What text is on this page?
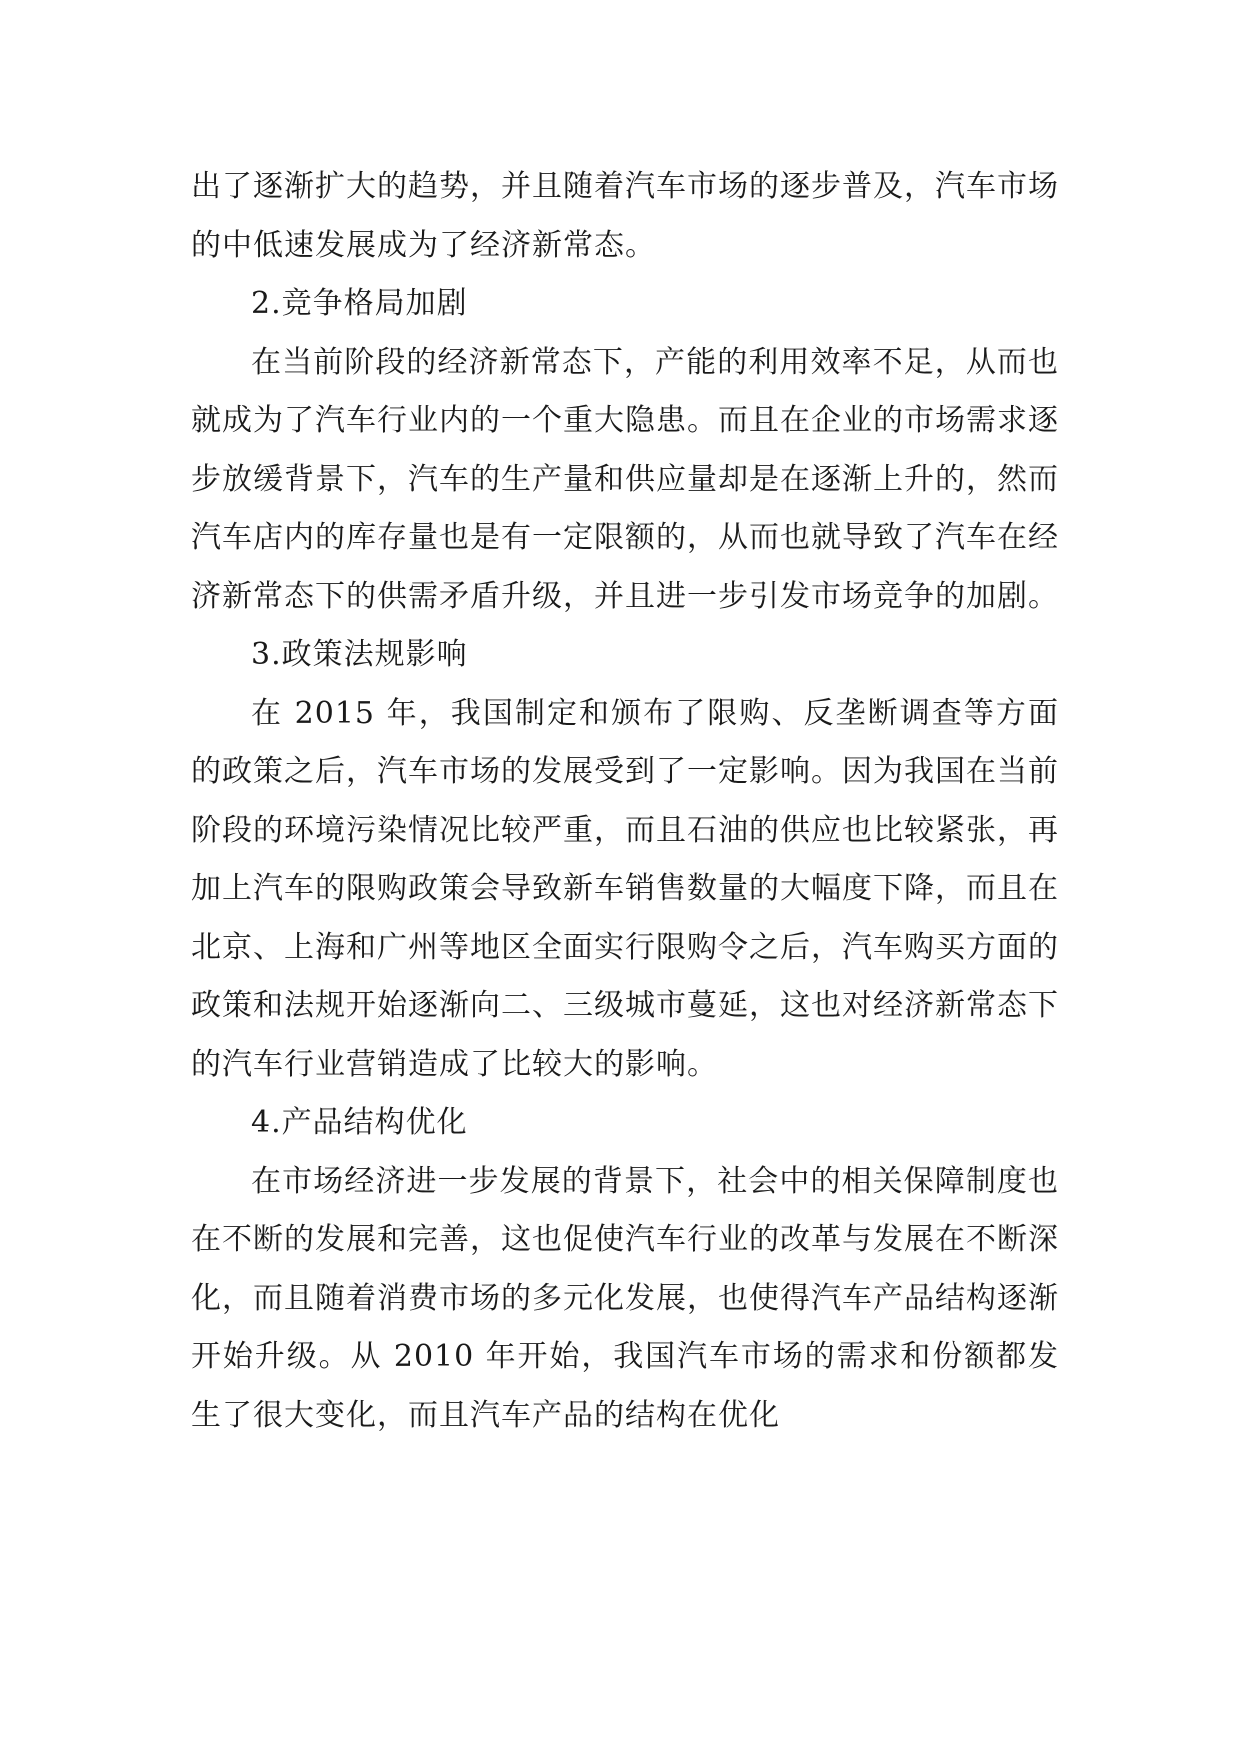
出了逐渐扩大的趋势，并且随着汽车市场的逐步普及，汽车市场的中低速发展成为了经济新常态。

2.竞争格局加剧

在当前阶段的经济新常态下，产能的利用效率不足，从而也就成为了汽车行业内的一个重大隐患。而且在企业的市场需求逐步放缓背景下，汽车的生产量和供应量却是在逐渐上升的，然而汽车店内的库存量也是有一定限额的，从而也就导致了汽车在经济新常态下的供需矛盾升级，并且进一步引发市场竞争的加剧。

3.政策法规影响

在 2015 年，我国制定和颁布了限购、反垄断调查等方面的政策之后，汽车市场的发展受到了一定影响。因为我国在当前阶段的环境污染情况比较严重，而且石油的供应也比较紧张，再加上汽车的限购政策会导致新车销售数量的大幅度下降，而且在北京、上海和广州等地区全面实行限购令之后，汽车购买方面的政策和法规开始逐渐向二、三级城市蔓延，这也对经济新常态下的汽车行业营销造成了比较大的影响。

4.产品结构优化

在市场经济进一步发展的背景下，社会中的相关保障制度也在不断的发展和完善，这也促使汽车行业的改革与发展在不断深化，而且随着消费市场的多元化发展，也使得汽车产品结构逐渐开始升级。从 2010 年开始，我国汽车市场的需求和份额都发生了很大变化，而且汽车产品的结构在优化
